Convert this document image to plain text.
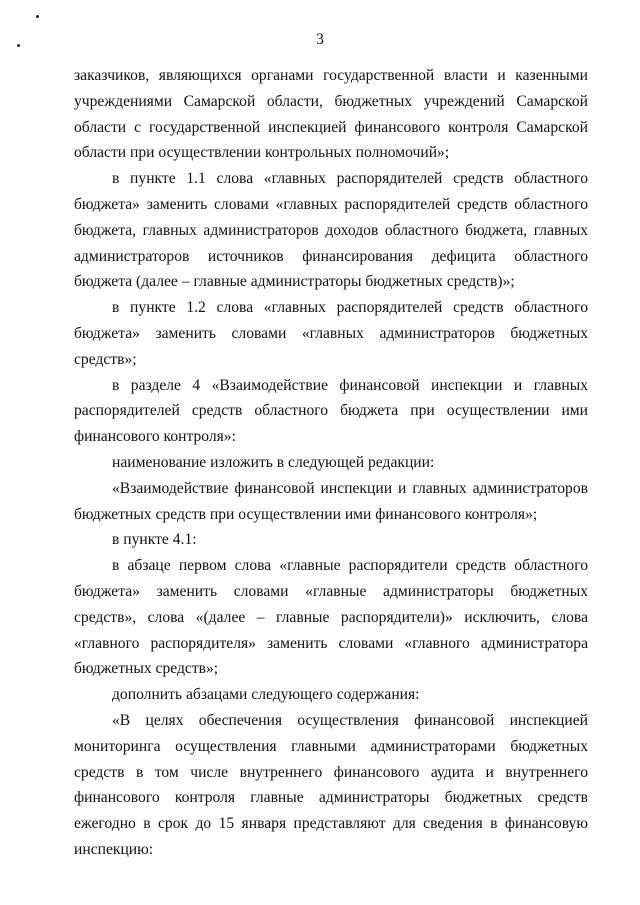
3

заказчиков, являющихся органами государственной власти и казенными учреждениями Самарской области, бюджетных учреждений Самарской области с государственной инспекцией финансового контроля Самарской области при осуществлении контрольных полномочий»;

в пункте 1.1 слова «главных распорядителей средств областного бюджета» заменить словами «главных распорядителей средств областного бюджета, главных администраторов доходов областного бюджета, главных администраторов источников финансирования дефицита областного бюджета (далее – главные администраторы бюджетных средств)»;

в пункте 1.2 слова «главных распорядителей средств областного бюджета» заменить словами «главных администраторов бюджетных средств»;

в разделе 4 «Взаимодействие финансовой инспекции и главных распорядителей средств областного бюджета при осуществлении ими финансового контроля»:

наименование изложить в следующей редакции:

«Взаимодействие финансовой инспекции и главных администраторов бюджетных средств при осуществлении ими финансового контроля»;

в пункте 4.1:

в абзаце первом слова «главные распорядители средств областного бюджета» заменить словами «главные администраторы бюджетных средств», слова «(далее – главные распорядители)» исключить, слова «главного распорядителя» заменить словами «главного администратора бюджетных средств»;

дополнить абзацами следующего содержания:

«В целях обеспечения осуществления финансовой инспекцией мониторинга осуществления главными администраторами бюджетных средств в том числе внутреннего финансового аудита и внутреннего финансового контроля главные администраторы бюджетных средств ежегодно в срок до 15 января представляют для сведения в финансовую инспекцию:
